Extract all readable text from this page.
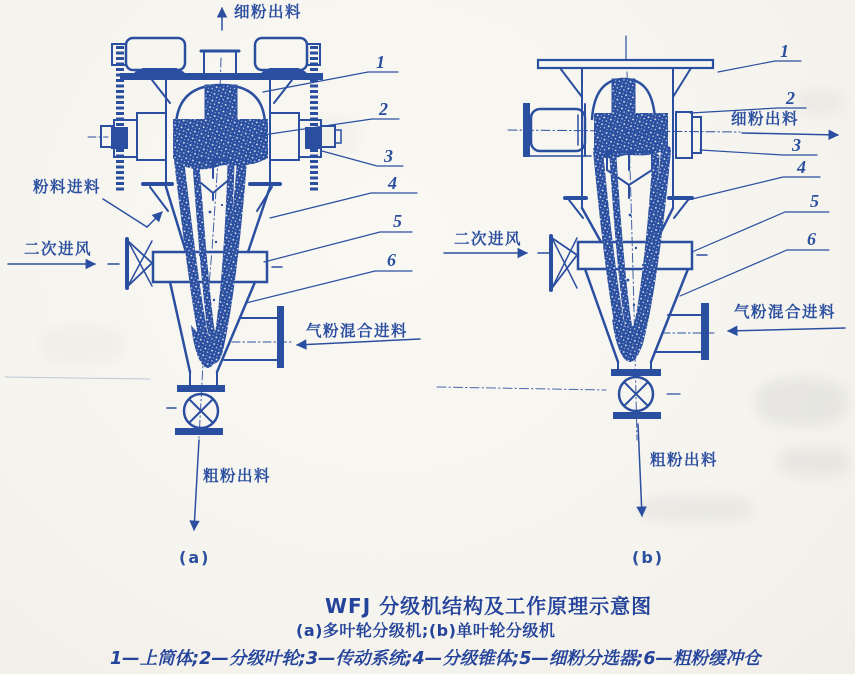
细粉出料
粉料进料
二次进风
气粉混合进料
粗粉出料
(a)
1
2
3
4
5
6
细粉出料
二次进风
气粉混合进料
粗粉出料
(b)
1
2
3
4
5
6
WFJ 分级机结构及工作原理示意图
(a)多叶轮分级机;(b)单叶轮分级机
1—上筒体;2—分级叶轮;3—传动系统;4—分级锥体;5—细粉分选器;6—粗粉缓冲仓
